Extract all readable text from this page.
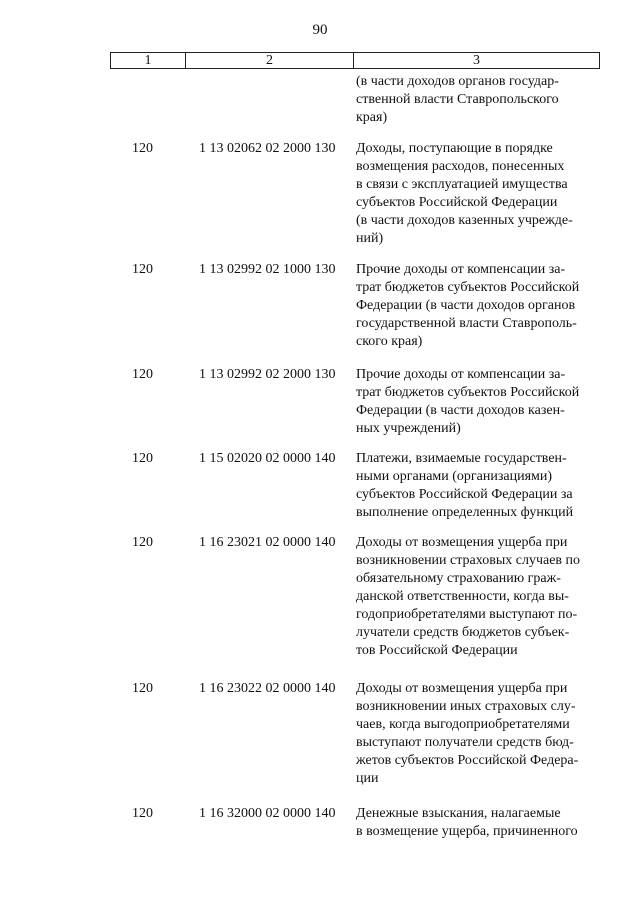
90
1	2	3
(в части доходов органов государ-
ственной власти Ставропольского
края)
120	1 13 02062 02 2000 130	Доходы, поступающие в порядке
возмещения расходов, понесенных
в связи с эксплуатацией имущества
субъектов Российской Федерации
(в части доходов казенных учрежде-
ний)
120	1 13 02992 02 1000 130	Прочие доходы от компенсации за-
трат бюджетов субъектов Российской
Федерации (в части доходов органов
государственной власти Ставрополь-
ского края)
120	1 13 02992 02 2000 130	Прочие доходы от компенсации за-
трат бюджетов субъектов Российской
Федерации (в части доходов казен-
ных учреждений)
120	1 15 02020 02 0000 140	Платежи, взимаемые государствен-
ными органами (организациями)
субъектов Российской Федерации за
выполнение определенных функций
120	1 16 23021 02 0000 140	Доходы от возмещения ущерба при
возникновении страховых случаев по
обязательному страхованию граж-
данской ответственности, когда вы-
годоприобретателями выступают по-
лучатели средств бюджетов субъек-
тов Российской Федерации
120	1 16 23022 02 0000 140	Доходы от возмещения ущерба при
возникновении иных страховых слу-
чаев, когда выгодоприобретателями
выступают получатели средств бюд-
жетов субъектов Российской Федера-
ции
120	1 16 32000 02 0000 140	Денежные взыскания, налагаемые
в возмещение ущерба, причиненного
